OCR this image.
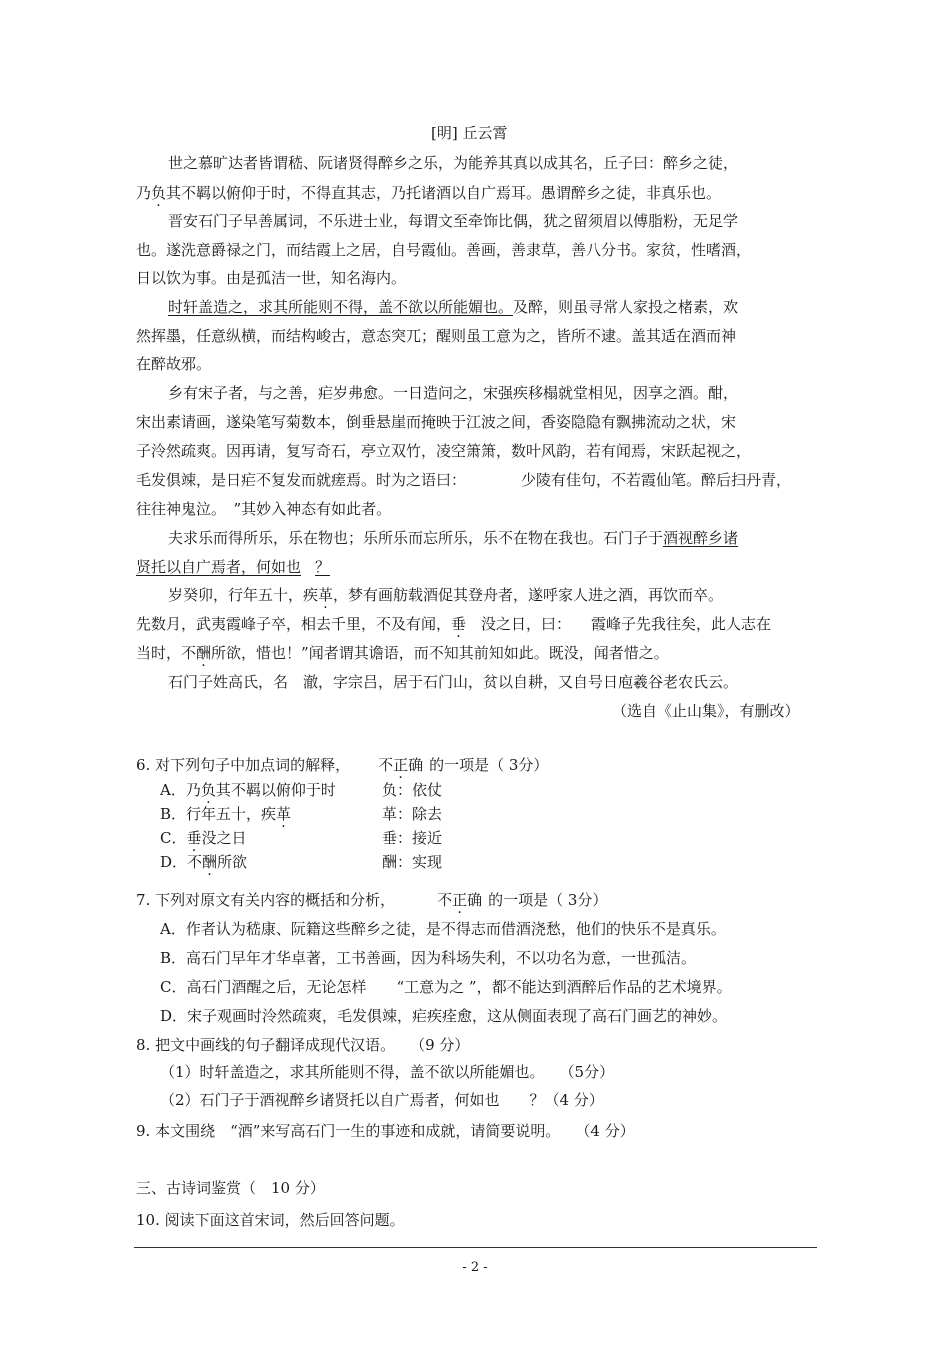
[明] 丘云霄
世之慕旷达者皆谓嵇、阮诸贤得醉乡之乐，为能养其真以成其名，丘子曰：醉乡之徒，
乃负其不羁以俯仰于时，不得直其志，乃托诸酒以自广焉耳。愚谓醉乡之徒，非真乐也。
晋安石门子早善属词，不乐进士业，每谓文至牵饰比偶，犹之留须眉以傅脂粉，无足学
也。遂洗意爵禄之门，而结霞上之居，自号霞仙。善画，善隶草，善八分书。家贫，性嗜酒，
日以饮为事。由是孤洁一世，知名海内。
时轩盖造之，求其所能则不得，盖不欲以所能媚也。及醉，则虽寻常人家投之楮素，欢
然挥墨，任意纵横，而结构峻古，意态突兀；醒则虽工意为之，皆所不逮。盖其适在酒而神
在醉故邪。
乡有宋子者，与之善，疟岁弗愈。一日造问之，宋强疾移榻就堂相见，因享之酒。酣，
宋出素请画，遂染笔写菊数本，倒垂悬崖而掩映于江波之间，香姿隐隐有飘拂流动之状，宋
子泠然疏爽。因再请，复写奇石，亭立双竹，凌空箫箫，数叶风韵，若有闻焉，宋跃起视之，
毛发俱竦，是日疟不复发而就瘥焉。时为之语曰：	少陵有佳句，不若霞仙笔。醉后扫丹青，
往往神鬼泣。　”其妙入神态有如此者。
夫求乐而得所乐，乐在物也；乐所乐而忘所乐，乐不在物在我也。石门子于酒视醉乡诸
贤托以自广焉者，何如也 ？
岁癸卯，行年五十，疾革，梦有画舫载酒促其登舟者，遂呼家人进之酒，再饮而卒。
先数月，武夷霞峰子卒，相去千里，不及有闻，垂 没之日，曰： 霞峰子先我往矣，此人志在
当时，不酬所欲，惜也！”闻者谓其谵语，而不知其前知如此。既没，闻者惜之。
石门子姓高氏，名　澈，字宗吕，居于石门山，贫以自耕，又自号日庖羲谷老农氏云。
（选自《止山集》，有删改）
6. 对下列句子中加点词的解释， 不正确 的一项是（ 3分）
A．乃负其不羁以俯仰于时	负：依仗
B．行年五十，疾革	革：除去
C．垂没之日	垂：接近
D．不酬所欲	酬：实现
7. 下列对原文有关内容的概括和分析，	不正确 的一项是（ 3分）
A．作者认为嵇康、阮籍这些醉乡之徒，是不得志而借酒浇愁，他们的快乐不是真乐。
B．高石门早年才华卓著，工书善画，因为科场失利，不以功名为意，一世孤洁。
C．高石门酒醒之后，无论怎样　　“工意为之 ”，都不能达到酒醉后作品的艺术境界。
D．宋子观画时泠然疏爽，毛发俱竦，疟疾痊愈，这从侧面表现了高石门画艺的神妙。
8. 把文中画线的句子翻译成现代汉语。　　（9 分）
（1）时轩盖造之，求其所能则不得，盖不欲以所能媚也。　　（5分）
（2）石门子于酒视醉乡诸贤托以自广焉者，何如也　　？（4 分）
9. 本文围绕　“酒”来写高石门一生的事迹和成就，请简要说明。　　（4 分）
三、古诗词鉴赏（　10 分）
10. 阅读下面这首宋词，然后回答问题。
- 2 -
